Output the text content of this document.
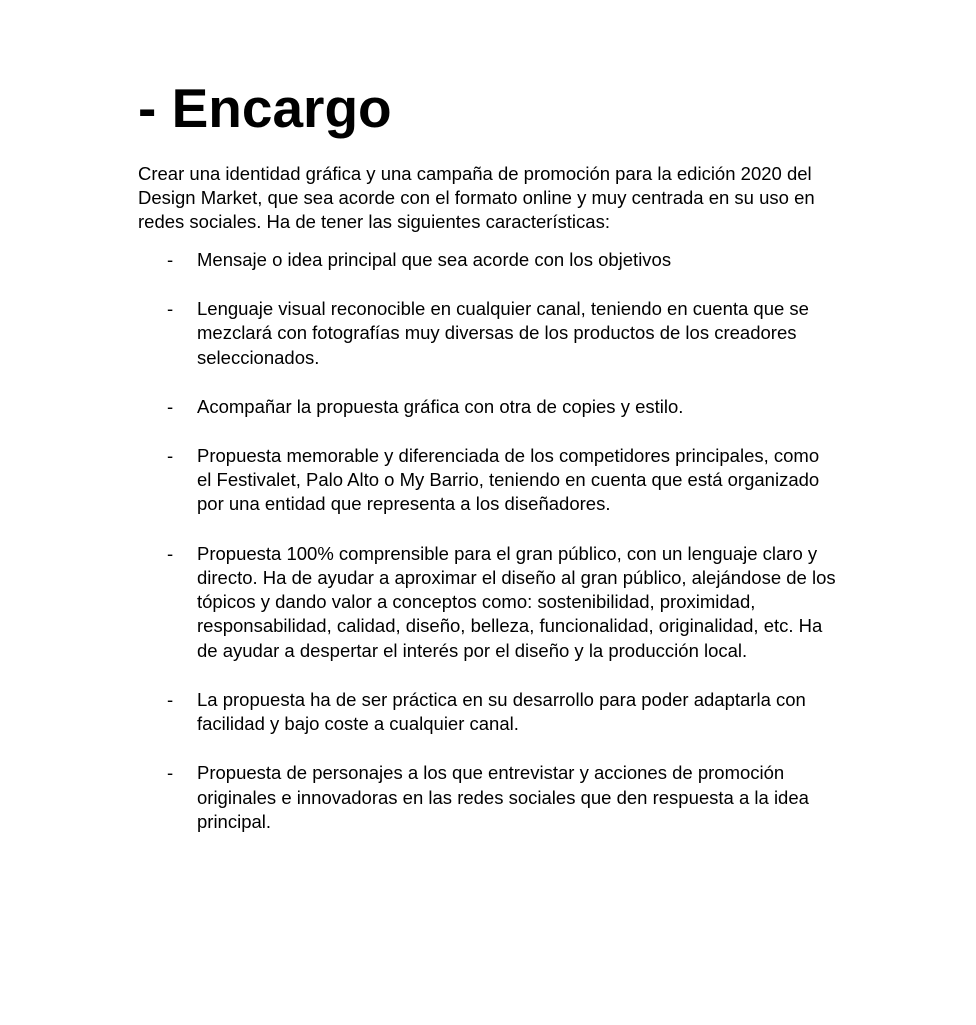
- Encargo

Crear una identidad gráfica y una campaña de promoción para la edición 2020 del Design Market, que sea acorde con el formato online y muy centrada en su uso en redes sociales. Ha de tener las siguientes características:

- Mensaje o idea principal que sea acorde con los objetivos
- Lenguaje visual reconocible en cualquier canal, teniendo en cuenta que se mezclará con fotografías muy diversas de los productos de los creadores seleccionados.
- Acompañar la propuesta gráfica con otra de copies y estilo.
- Propuesta memorable y diferenciada de los competidores principales, como el Festivalet, Palo Alto o My Barrio, teniendo en cuenta que está organizado por una entidad que representa a los diseñadores.
- Propuesta 100% comprensible para el gran público, con un lenguaje claro y directo. Ha de ayudar a aproximar el diseño al gran público, alejándose de los tópicos y dando valor a conceptos como: sostenibilidad, proximidad, responsabilidad, calidad, diseño, belleza, funcionalidad, originalidad, etc. Ha de ayudar a despertar el interés por el diseño y la producción local.
- La propuesta ha de ser práctica en su desarrollo para poder adaptarla con facilidad y bajo coste a cualquier canal.
- Propuesta de personajes a los que entrevistar y acciones de promoción originales e innovadoras en las redes sociales que den respuesta a la idea principal.
